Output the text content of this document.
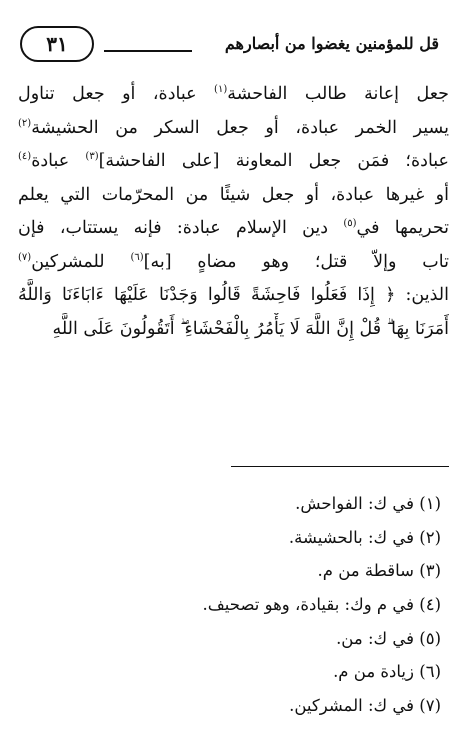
قل للمؤمنين يغضوا من أبصارهم
٣١
جعل إعانة طالب الفاحشة$^{(١)}$ عبادة، أو جعل تناول
يسير الخمر عبادة، أو جعل السكر من الحشيشة$^{(٢)}$
عبادة؛ فمَن جعل المعاونة [على الفاحشة]$^{(٣)}$ عبادة$^{(٤)}$
أو غيرها عبادة، أو جعل شيئًا من المحرّمات التي يعلم
تحريمها في$^{(٥)}$ دين الإسلام عبادة: فإنه يستتاب، فإن
تاب وإلاّ قتل؛ وهو مضاهٍ [به]$^{(٦)}$ للمشركين$^{(٧)}$
الذين: ﴿ إِذَا فَعَلُوا فَاحِشَةً قَالُوا وَجَدْنَا عَلَيْهَا ءَابَاءَنَا وَاللَّهُ
أَمَرَنَا بِهَا ۗ قُلْ إِنَّ اللَّهَ لَا يَأْمُرُ بِالْفَحْشَاءِ ۖ أَتَقُولُونَ عَلَى اللَّهِ
(١) في ك: الفواحش.
(٢) في ك: بالحشيشة.
(٣) ساقطة من م.
(٤) في م وك: بقيادة، وهو تصحيف.
(٥) في ك: من.
(٦) زيادة من م.
(٧) في ك: المشركين.
